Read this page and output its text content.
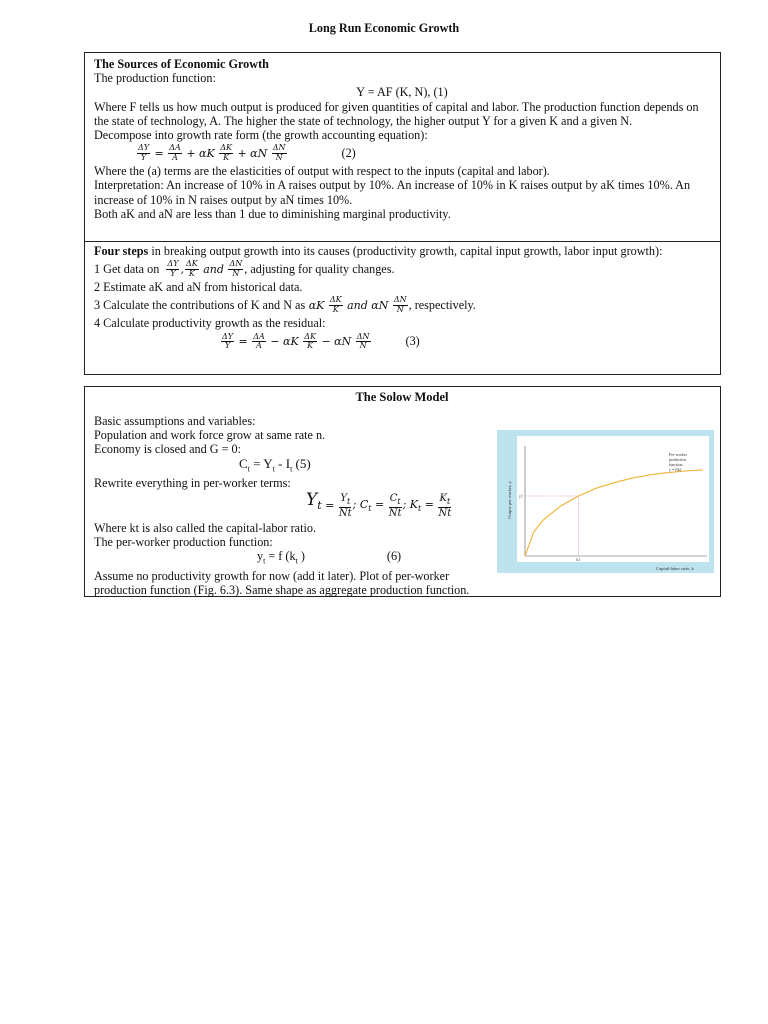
Long Run Economic Growth
The Sources of Economic Growth
The production function:
Y = AF (K, N), (1)
Where F tells us how much output is produced for given quantities of capital and labor. The production function depends on the state of technology, A. The higher the state of technology, the higher output Y for a given K and a given N.
Decompose into growth rate form (the growth accounting equation):
$\frac{\Delta Y}{Y} = \frac{\Delta A}{A} + \alpha K \frac{\Delta K}{K} + \alpha N \frac{\Delta N}{N}$	(2)
Where the (a) terms are the elasticities of output with respect to the inputs (capital and labor).
Interpretation: An increase of 10% in A raises output by 10%. An increase of 10% in K raises output by aK times 10%. An increase of 10% in N raises output by aN times 10%.
Both aK and aN are less than 1 due to diminishing marginal productivity.
Four steps in breaking output growth into its causes (productivity growth, capital input growth, labor input growth):
1 Get data on
$\frac{\Delta Y}{Y}$ , $\frac{\Delta K}{K}$ and $\frac{\Delta N}{N}$ , adjusting for quality changes.
2 Estimate aK and aN from historical data.
3 Calculate the contributions of K and N as αK $\frac{\Delta K}{K}$ and αN $\frac{\Delta N}{N}$ , respectively.
4 Calculate productivity growth as the residual:
$\frac{\Delta Y}{Y} = \frac{\Delta A}{A} - \alpha K \frac{\Delta K}{K} - \alpha N \frac{\Delta N}{N}$	(3)
The Solow Model
Basic assumptions and variables:
Population and work force grow at same rate n.
Economy is closed and G = 0:
$C_t = Y_t - I_t$ (5)
Rewrite everything in per-worker terms:
Y $t = \frac{Y_t}{Nt}$ ; $C_t = \frac{C_t}{Nt}$ ; $K_t = \frac{K_t}{Nt}$
Where kt is also called the capital-labor ratio.
The per-worker production function:
$y_t = f$ ($k_t$ )	(6)
Assume no productivity growth for now (add it later). Plot of per-worker
production function (Fig. 6.3). Same shape as aggregate production function.
y1
k1
Per-worker
production
function,
y = f(k)
Output per worker, y
Capital-labor ratio, k
